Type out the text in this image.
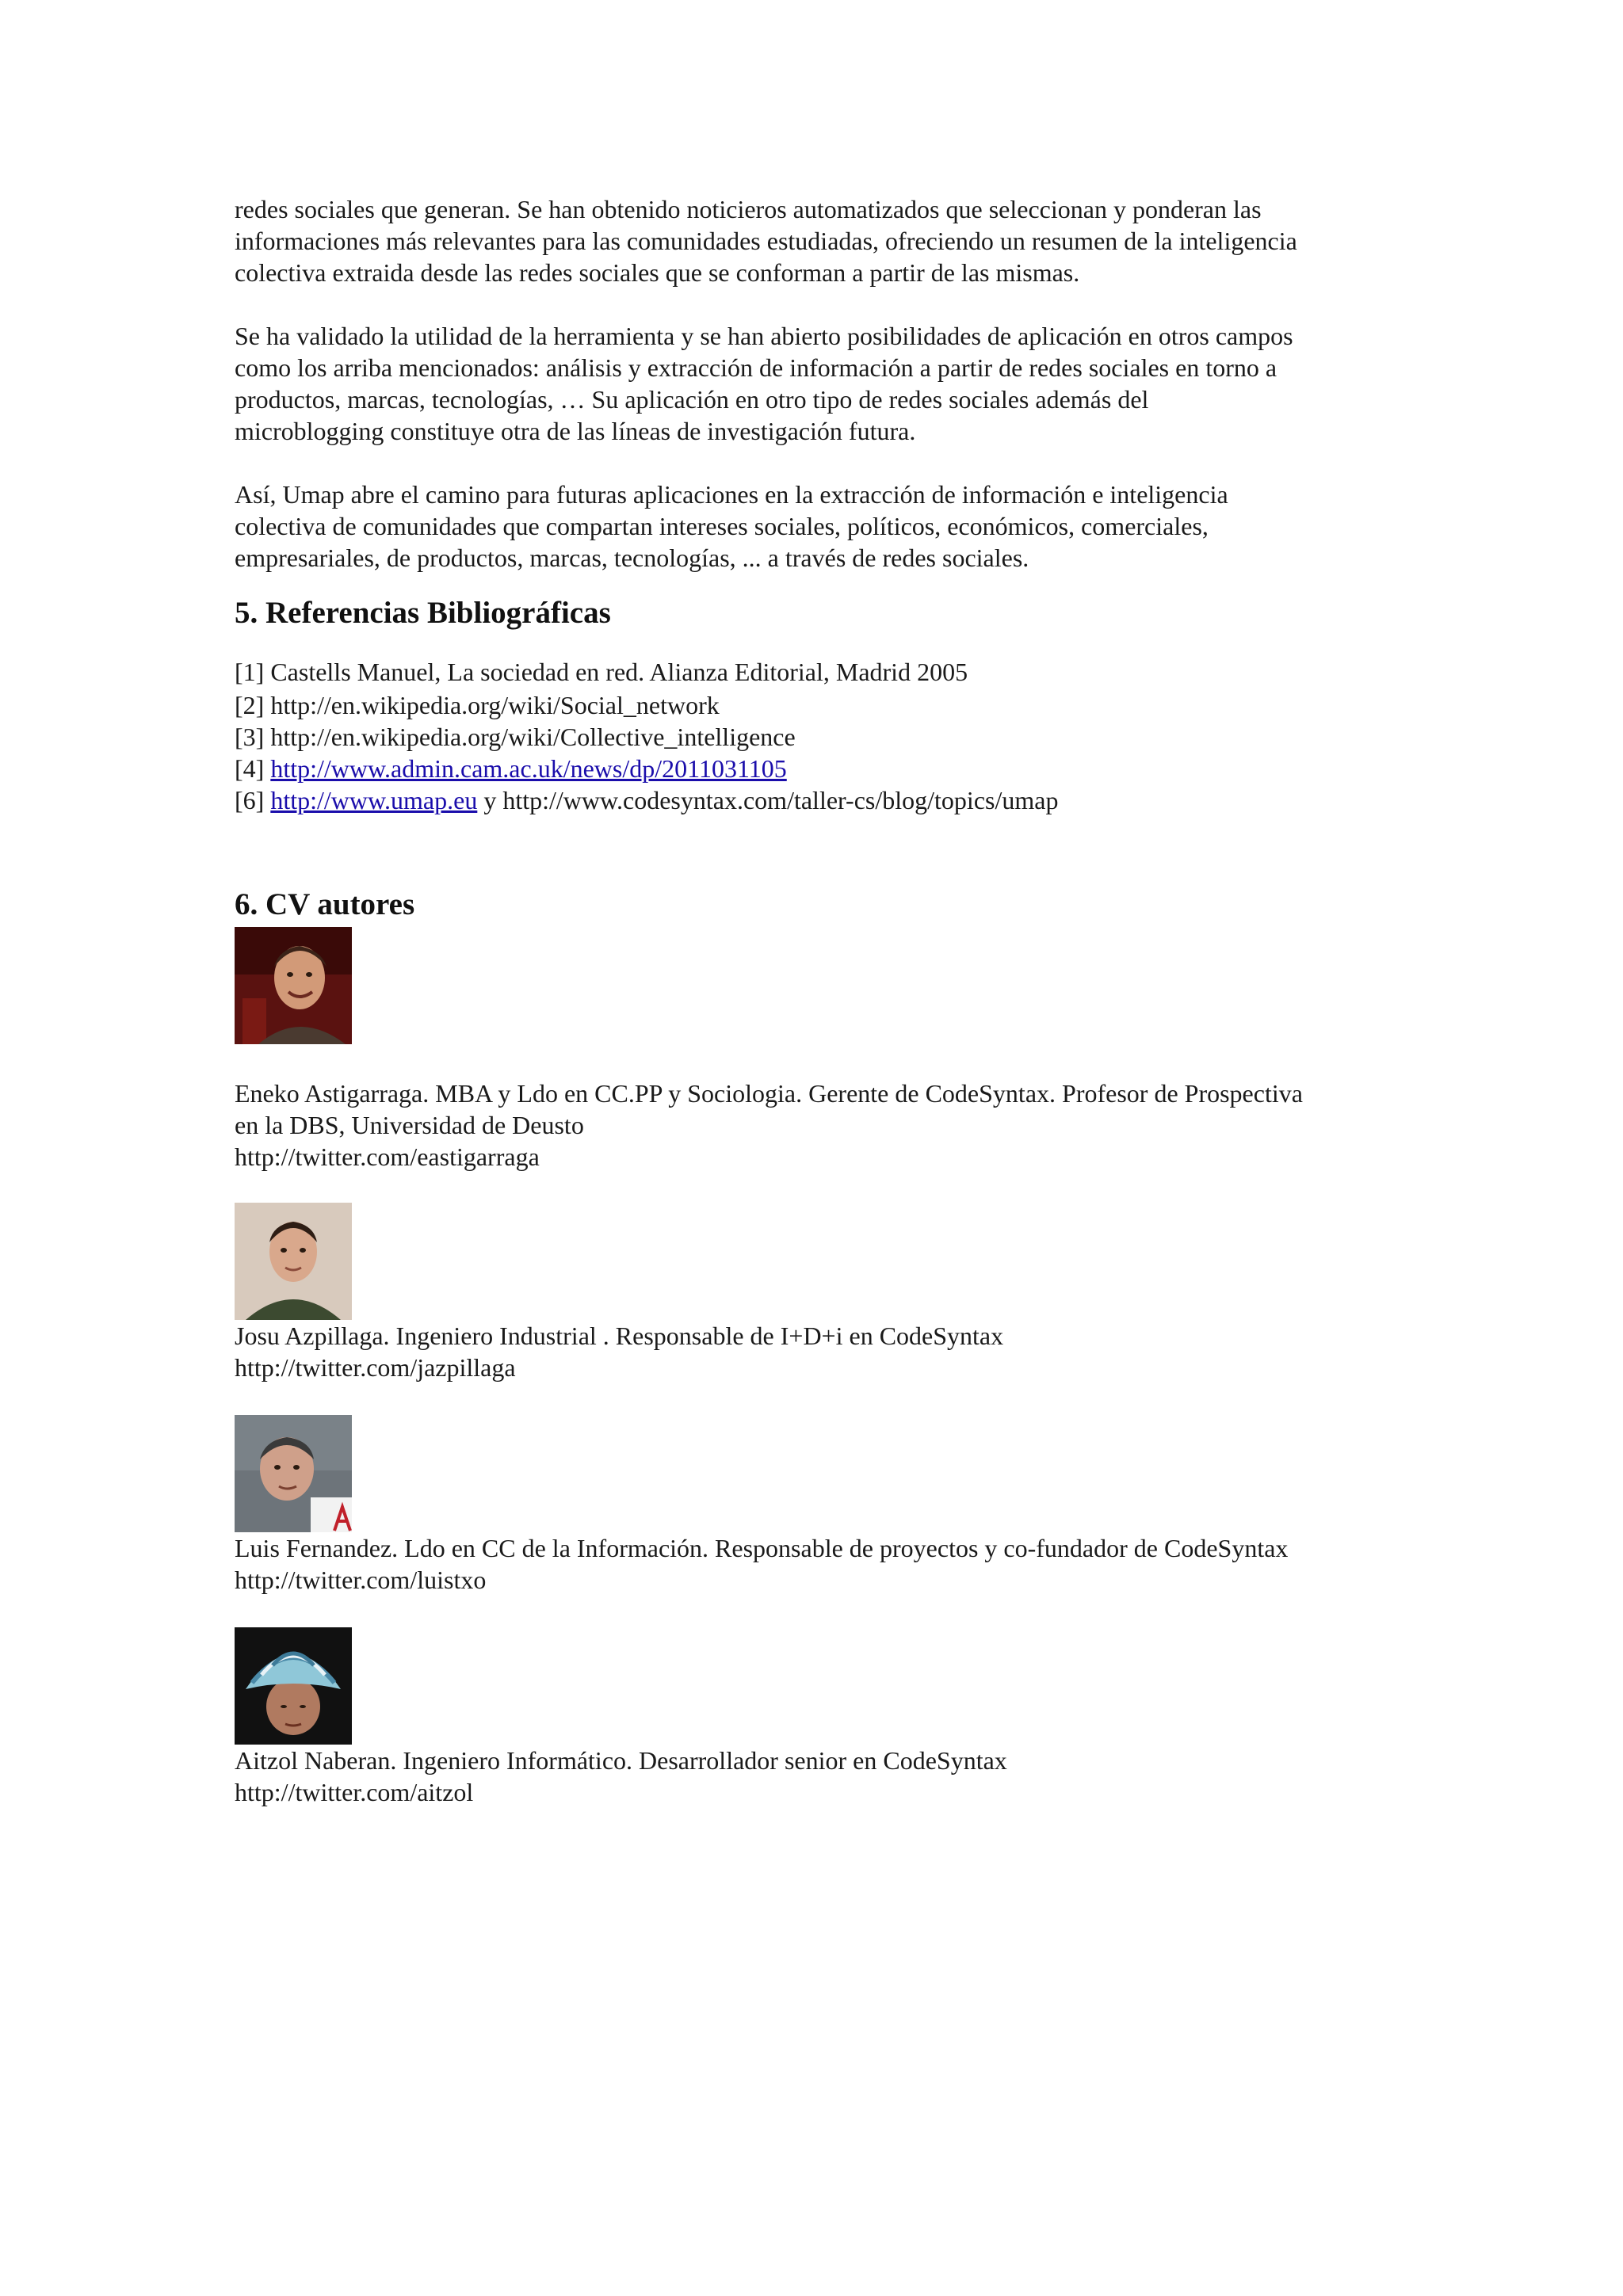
redes sociales que generan. Se han obtenido noticieros automatizados que seleccionan y ponderan las
informaciones más relevantes para las comunidades estudiadas, ofreciendo un resumen de la inteligencia
colectiva extraida desde las redes sociales que se conforman a partir de las mismas.

Se ha validado la utilidad de la herramienta y se han abierto posibilidades de aplicación en otros campos
como los arriba mencionados: análisis y extracción de información a partir de redes sociales en torno a
productos, marcas, tecnologías, … Su aplicación en otro tipo de redes sociales además del
microblogging constituye otra de las líneas de investigación futura.

Así, Umap abre el camino para futuras aplicaciones en la extracción de información e inteligencia
colectiva de comunidades que compartan intereses sociales, políticos, económicos, comerciales,
empresariales, de productos, marcas, tecnologías, ... a través de redes sociales.

5. Referencias Bibliográficas
[1] Castells Manuel, La sociedad en red. Alianza Editorial, Madrid 2005
[2] http://en.wikipedia.org/wiki/Social_network
[3] http://en.wikipedia.org/wiki/Collective_intelligence
[4] http://www.admin.cam.ac.uk/news/dp/2011031105
[6] http://www.umap.eu y http://www.codesyntax.com/taller-cs/blog/topics/umap
6. CV autores

Eneko Astigarraga. MBA y Ldo en CC.PP y Sociologia. Gerente de CodeSyntax. Profesor de Prospectiva
en la DBS, Universidad de Deusto
http://twitter.com/eastigarraga

Josu Azpillaga. Ingeniero Industrial . Responsable de I+D+i en CodeSyntax
http://twitter.com/jazpillaga

Luis Fernandez. Ldo en CC de la Información. Responsable de proyectos y co-fundador de CodeSyntax
http://twitter.com/luistxo

Aitzol Naberan. Ingeniero Informático. Desarrollador senior en CodeSyntax
http://twitter.com/aitzol
